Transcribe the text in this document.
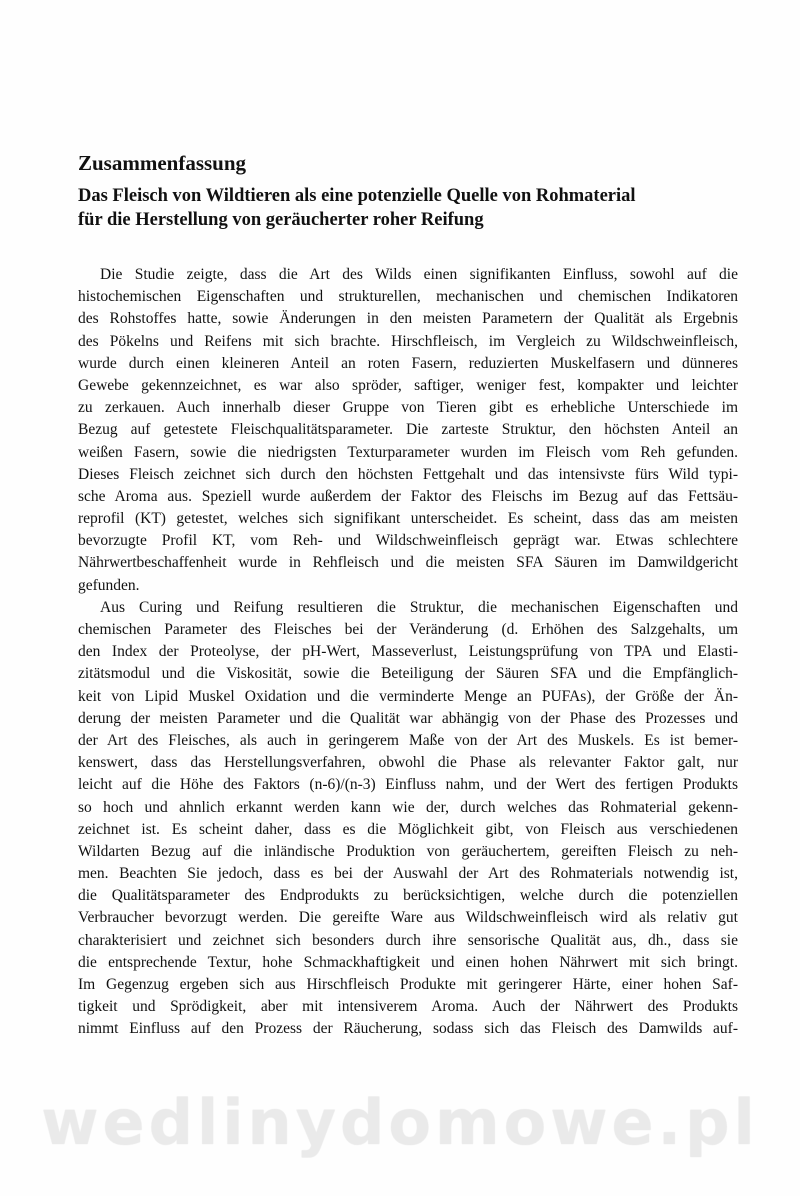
Zusammenfassung
Das Fleisch von Wildtieren als eine potenzielle Quelle von Rohmaterial
für die Herstellung von geräucherter roher Reifung
Die Studie zeigte, dass die Art des Wilds einen signifikanten Einfluss, sowohl auf die
histochemischen Eigenschaften und strukturellen, mechanischen und chemischen Indikatoren
des Rohstoffes hatte, sowie Änderungen in den meisten Parametern der Qualität als Ergebnis
des Pökelns und Reifens mit sich brachte. Hirschfleisch, im Vergleich zu Wildschweinfleisch,
wurde durch einen kleineren Anteil an roten Fasern, reduzierten Muskelfasern und dünneres
Gewebe gekennzeichnet, es war also spröder, saftiger, weniger fest, kompakter und leichter
zu zerkauen. Auch innerhalb dieser Gruppe von Tieren gibt es erhebliche Unterschiede im
Bezug auf getestete Fleischqualitätsparameter. Die zarteste Struktur, den höchsten Anteil an
weißen Fasern, sowie die niedrigsten Texturparameter wurden im Fleisch vom Reh gefunden.
Dieses Fleisch zeichnet sich durch den höchsten Fettgehalt und das intensivste fürs Wild typi-
sche Aroma aus. Speziell wurde außerdem der Faktor des Fleischs im Bezug auf das Fettsäu-
reprofil (KT) getestet, welches sich signifikant unterscheidet. Es scheint, dass das am meisten
bevorzugte Profil KT, vom Reh- und Wildschweinfleisch geprägt war. Etwas schlechtere
Nährwertbeschaffenheit wurde in Rehfleisch und die meisten SFA Säuren im Damwildgericht
gefunden.
Aus Curing und Reifung resultieren die Struktur, die mechanischen Eigenschaften und
chemischen Parameter des Fleisches bei der Veränderung (d. Erhöhen des Salzgehalts, um
den Index der Proteolyse, der pH-Wert, Masseverlust, Leistungsprüfung von TPA und Elasti-
zitätsmodul und die Viskosität, sowie die Beteiligung der Säuren SFA und die Empfänglich-
keit von Lipid Muskel Oxidation und die verminderte Menge an PUFAs), der Größe der Än-
derung der meisten Parameter und die Qualität war abhängig von der Phase des Prozesses und
der Art des Fleisches, als auch in geringerem Maße von der Art des Muskels. Es ist bemer-
kenswert, dass das Herstellungsverfahren, obwohl die Phase als relevanter Faktor galt, nur
leicht auf die Höhe des Faktors (n-6)/(n-3) Einfluss nahm, und der Wert des fertigen Produkts
so hoch und ahnlich erkannt werden kann wie der, durch welches das Rohmaterial gekenn-
zeichnet ist. Es scheint daher, dass es die Möglichkeit gibt, von Fleisch aus verschiedenen
Wildarten Bezug auf die inländische Produktion von geräuchertem, gereiften Fleisch zu neh-
men. Beachten Sie jedoch, dass es bei der Auswahl der Art des Rohmaterials notwendig ist,
die Qualitätsparameter des Endprodukts zu berücksichtigen, welche durch die potenziellen
Verbraucher bevorzugt werden. Die gereifte Ware aus Wildschweinfleisch wird als relativ gut
charakterisiert und zeichnet sich besonders durch ihre sensorische Qualität aus, dh., dass sie
die entsprechende Textur, hohe Schmackhaftigkeit und einen hohen Nährwert mit sich bringt.
Im Gegenzug ergeben sich aus Hirschfleisch Produkte mit geringerer Härte, einer hohen Saf-
tigkeit und Sprödigkeit, aber mit intensiverem Aroma. Auch der Nährwert des Produkts
nimmt Einfluss auf den Prozess der Räucherung, sodass sich das Fleisch des Damwilds auf-
wedlinydomowe.pl
